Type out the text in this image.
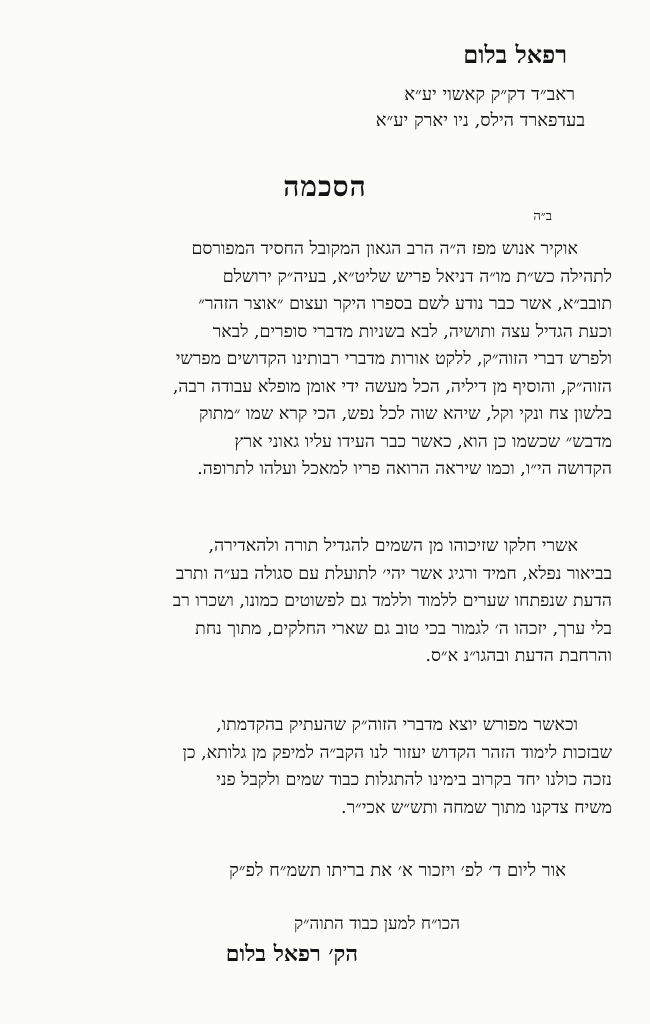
רפאל בלום
ראב״ד דק״ק קאשוי יע״א
בעדפארד הילס, ניו יארק יע״א
הסכמה
ב״ה
אוקיר אנוש מפז ה״ה הרב הגאון המקובל החסיד המפורסם
לתהילה כש״ת מו״ה דניאל פריש שליט״א, בעיה״ק ירושלם
תובב״א, אשר כבר נודע לשם בספרו היקר ועצום ״אוצר הזהר״
וכעת הגדיל עצה ותושיה, לבא בשניות מדברי סופרים, לבאר
ולפרש דברי הזוה״ק, ללקט אורות מדברי רבותינו הקדושים מפרשי
הזוה״ק, והוסיף מן דיליה, הכל מעשה ידי אומן מופלא עבודה רבה,
בלשון צח ונקי וקל, שיהא שוה לכל נפש, הכי קרא שמו ״מתוק
מדבש״ שכשמו כן הוא, כאשר כבר העידו עליו גאוני ארץ
הקדושה הי״ו, וכמו שיראה הרואה פריו למאכל ועלהו לתרופה.
אשרי חלקו שזיכוהו מן השמים להגדיל תורה ולהאדירה,
בביאור נפלא, חמיד ורגיג אשר יהי׳ לתועלת עם סגולה בע״ה ותרב
הדעת שנפתחו שערים ללמוד וללמד גם לפשוטים כמונו, ושכרו רב
בלי ערך, יזכהו ה׳ לגמור בכי טוב גם שארי החלקים, מתוך נחת
והרחבת הדעת ובהגו״נ א״ס.
וכאשר מפורש יוצא מדברי הזוה״ק שהעתיק בהקדמתו,
שבזכות לימוד הזהר הקדוש יעזור לנו הקב״ה למיפק מן גלותא, כן
נזכה כולנו יחד בקרוב בימינו להתגלות כבוד שמים ולקבל פני
משיח צדקנו מתוך שמחה ותש״ש אכי״ר.
אור ליום ד׳ לפ׳ ויזכור א׳ את בריתו תשמ״ח לפ״ק
הכו״ח למען כבוד התוה״ק
הק׳ רפאל בלום
